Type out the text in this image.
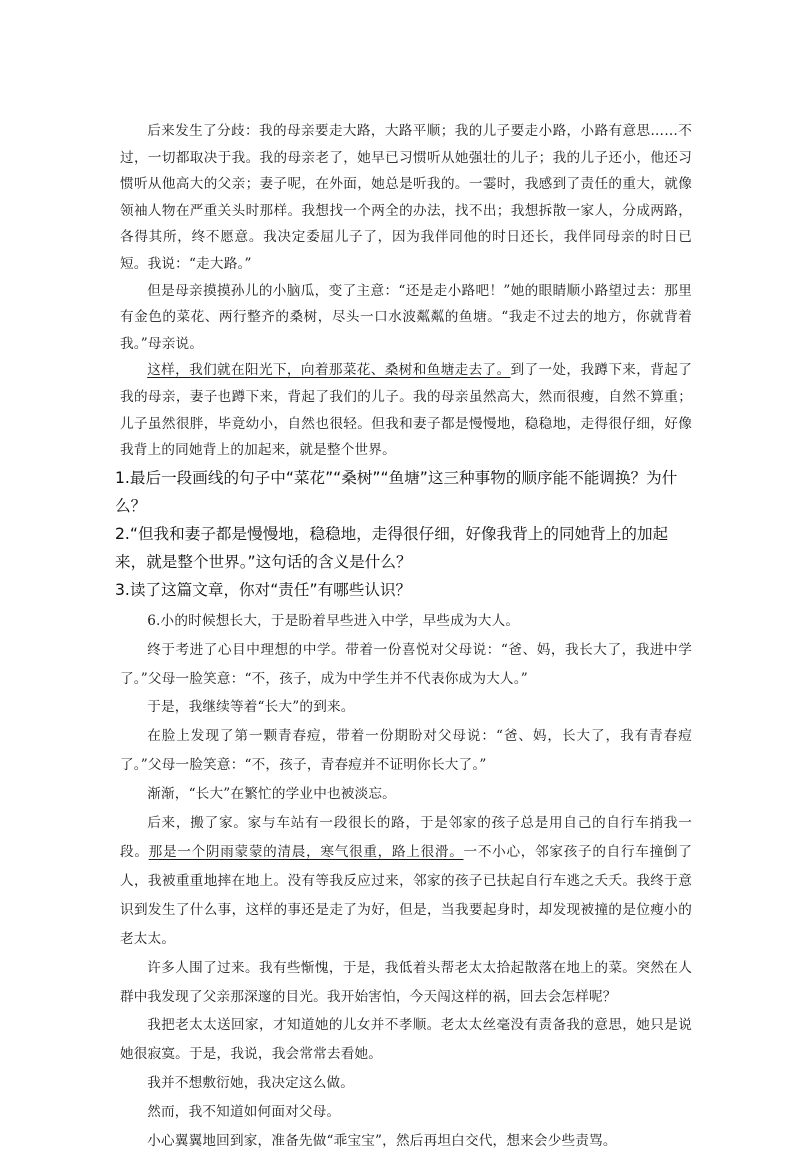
后来发生了分歧：我的母亲要走大路，大路平顺；我的儿子要走小路，小路有意思……不过，一切都取决于我。我的母亲老了，她早已习惯听从她强壮的儿子；我的儿子还小，他还习惯听从他高大的父亲；妻子呢，在外面，她总是听我的。一霎时，我感到了责任的重大，就像领袖人物在严重关头时那样。我想找一个两全的办法，找不出；我想拆散一家人，分成两路，各得其所，终不愿意。我决定委屈儿子了，因为我伴同他的时日还长，我伴同母亲的时日已短。我说：“走大路。”

但是母亲摸摸孙儿的小脑瓜，变了主意：“还是走小路吧！”她的眼睛顺小路望过去：那里有金色的菜花、两行整齐的桑树，尽头一口水波粼粼的鱼塘。“我走不过去的地方，你就背着我。”母亲说。

这样，我们就在阳光下，向着那菜花、桑树和鱼塘走去了。到了一处，我蹲下来，背起了我的母亲，妻子也蹲下来，背起了我们的儿子。我的母亲虽然高大，然而很瘦，自然不算重；儿子虽然很胖，毕竟幼小，自然也很轻。但我和妻子都是慢慢地，稳稳地，走得很仔细，好像我背上的同她背上的加起来，就是整个世界。

1.最后一段画线的句子中“菜花”“桑树”“鱼塘”这三种事物的顺序能不能调换？为什么？

2.“但我和妻子都是慢慢地，稳稳地，走得很仔细，好像我背上的同她背上的加起来，就是整个世界。”这句话的含义是什么？

3.读了这篇文章，你对“责任”有哪些认识？

6.小的时候想长大，于是盼着早些进入中学，早些成为大人。

终于考进了心目中理想的中学。带着一份喜悦对父母说：“爸、妈，我长大了，我进中学了。”父母一脸笑意：“不，孩子，成为中学生并不代表你成为大人。”

于是，我继续等着“长大”的到来。

在脸上发现了第一颗青春痘，带着一份期盼对父母说：“爸、妈，长大了，我有青春痘了。”父母一脸笑意：“不，孩子，青春痘并不证明你长大了。”

渐渐，“长大”在繁忙的学业中也被淡忘。

后来，搬了家。家与车站有一段很长的路，于是邻家的孩子总是用自己的自行车捎我一段。那是一个阴雨蒙蒙的清晨，寒气很重，路上很滑。一不小心，邻家孩子的自行车撞倒了人，我被重重地摔在地上。没有等我反应过来，邻家的孩子已扶起自行车逃之夭夭。我终于意识到发生了什么事，这样的事还是走了为好，但是，当我要起身时，却发现被撞的是位瘦小的老太太。

许多人围了过来。我有些惭愧，于是，我低着头帮老太太拾起散落在地上的菜。突然在人群中我发现了父亲那深邃的目光。我开始害怕，今天闯这样的祸，回去会怎样呢？

我把老太太送回家，才知道她的儿女并不孝顺。老太太丝毫没有责备我的意思，她只是说她很寂寞。于是，我说，我会常常去看她。

我并不想敷衍她，我决定这么做。

然而，我不知道如何面对父母。

小心翼翼地回到家，准备先做“乖宝宝”，然后再坦白交代，想来会少些责骂。
